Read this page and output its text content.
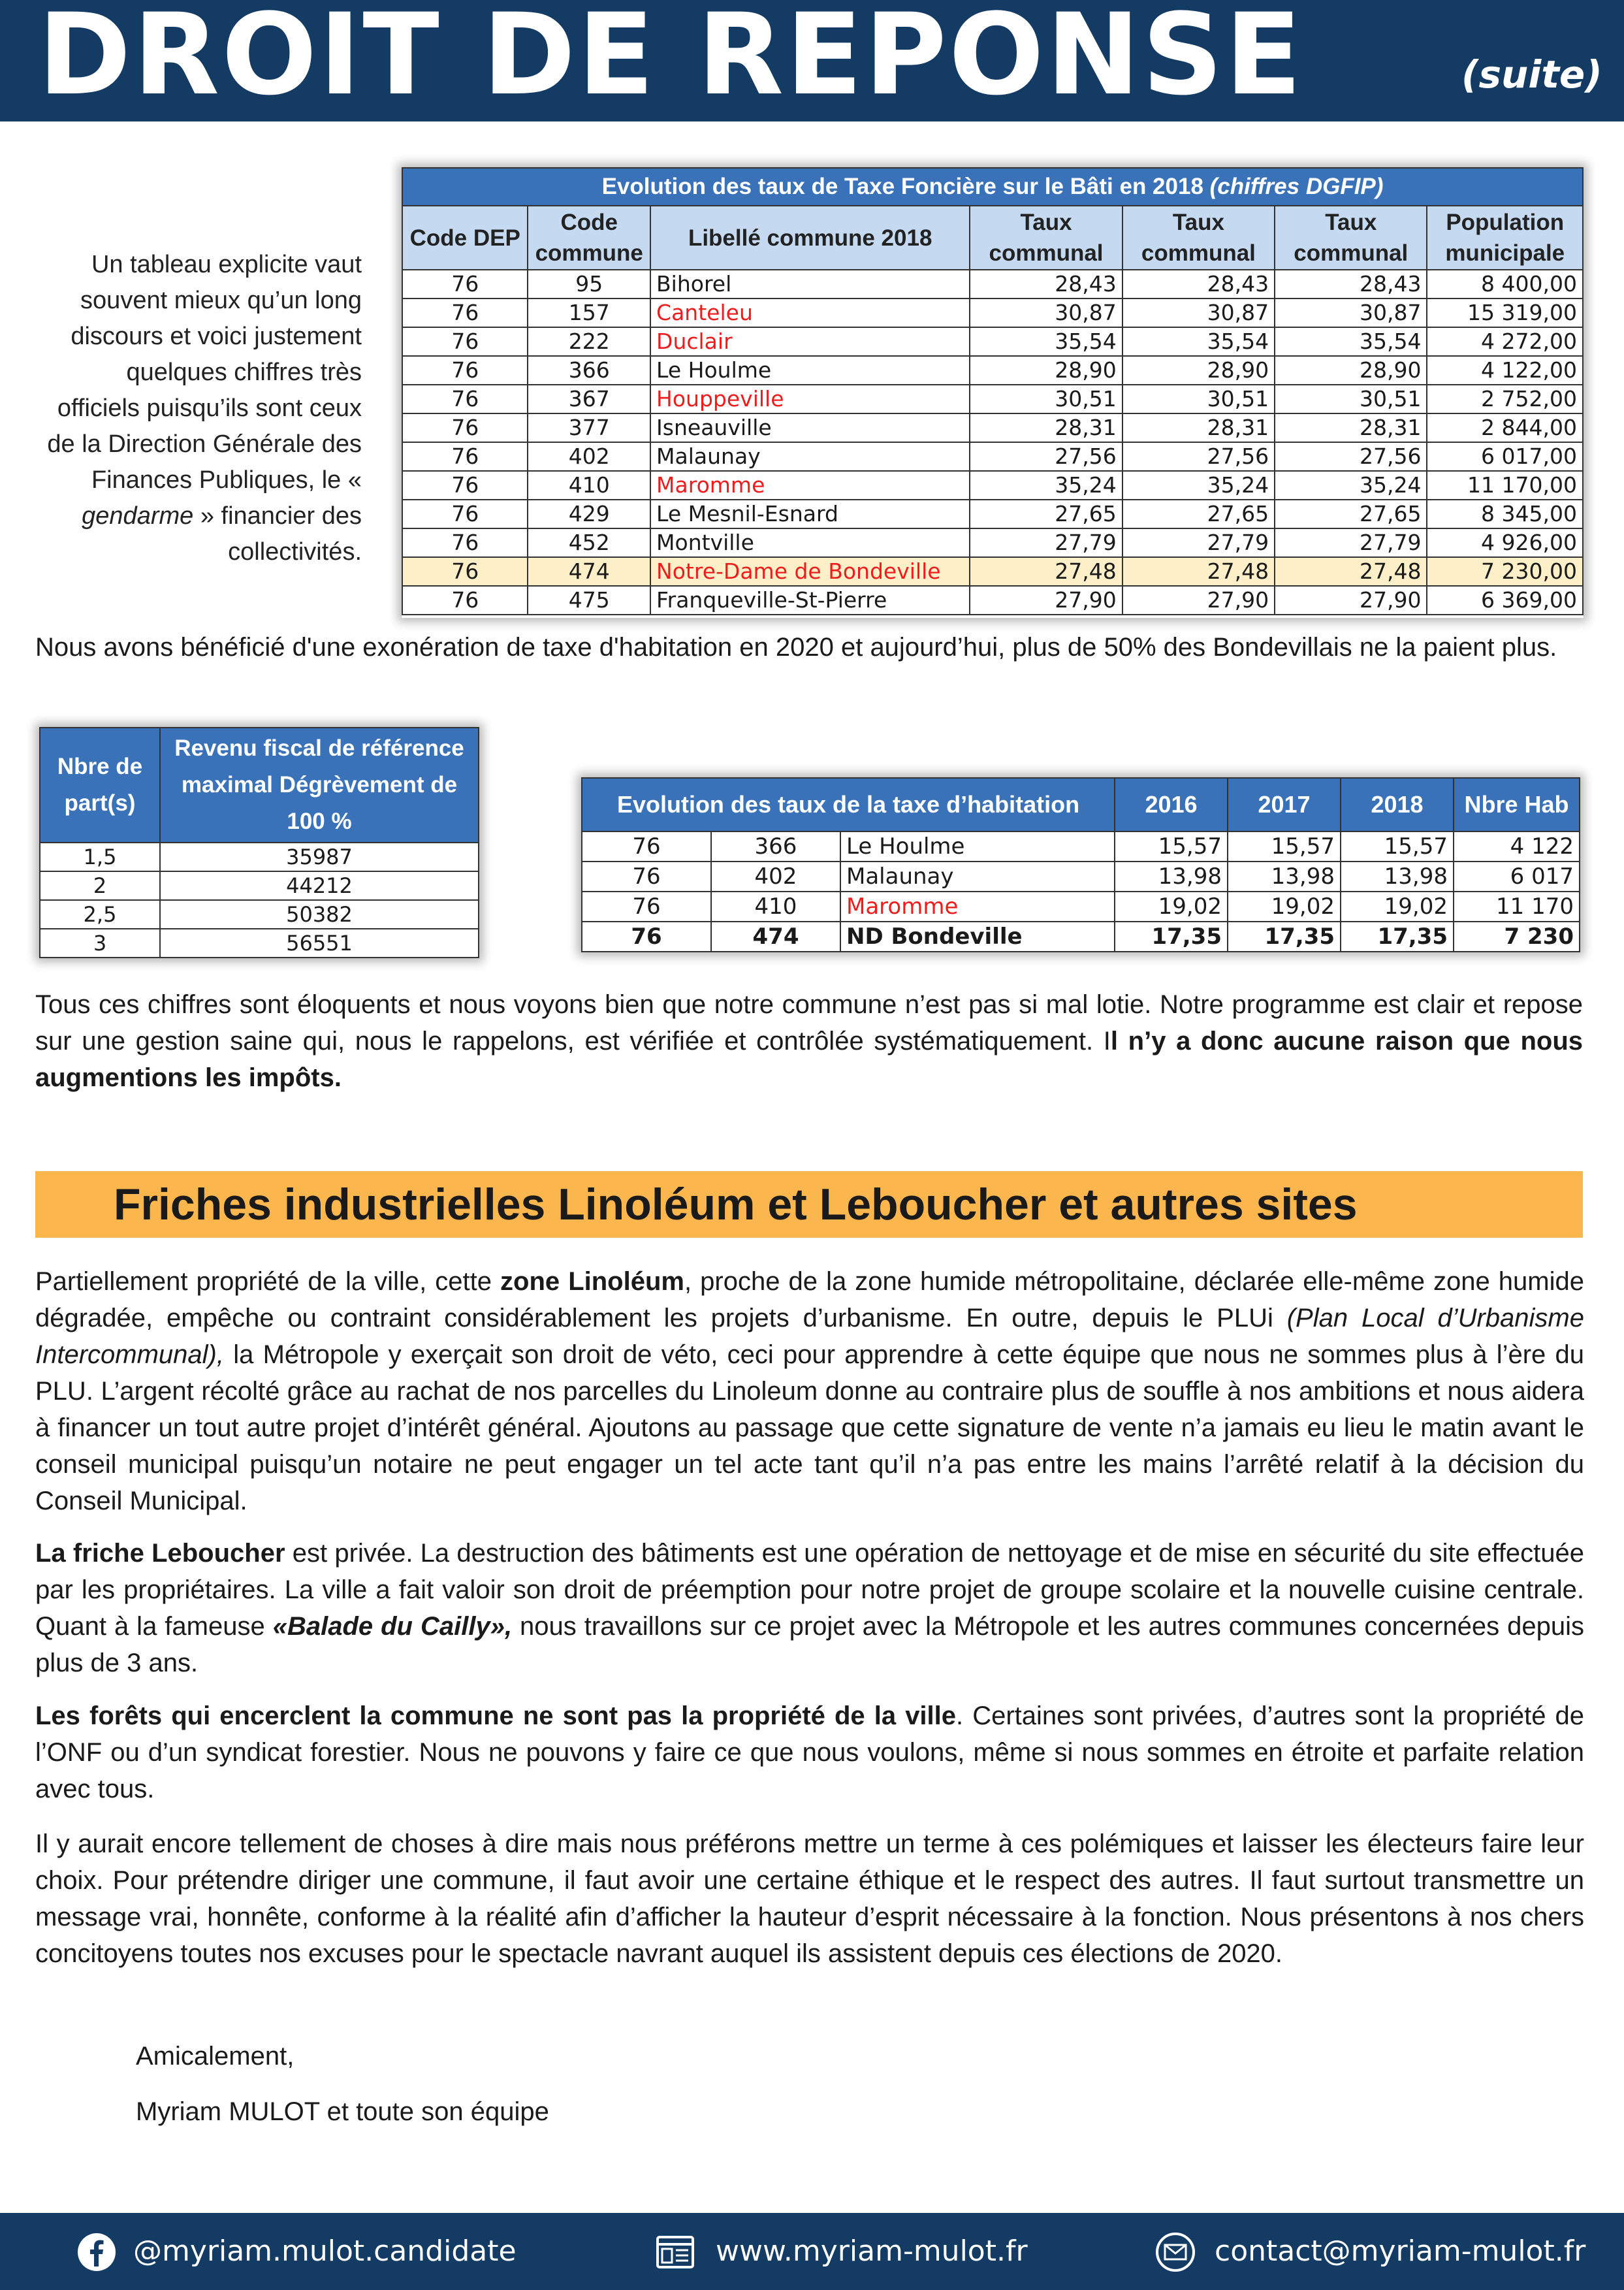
DROIT DE REPONSE	(suite)
Un tableau explicite vaut souvent mieux qu’un long discours et voici justement quelques chiffres très officiels puisqu’ils sont ceux de la Direction Générale des Finances Publiques, le « gendarme » financier des collectivités.
Evolution des taux de Taxe Foncière sur le Bâti en 2018 (chiffres DGFIP)						
Code DEP	Code commune	Libellé commune 2018	Taux communal	Taux communal	Taux communal	Population municipale
76	95	Bihorel	28,43	28,43	28,43	8 400,00
76	157	Canteleu	30,87	30,87	30,87	15 319,00
76	222	Duclair	35,54	35,54	35,54	4 272,00
76	366	Le Houlme	28,90	28,90	28,90	4 122,00
76	367	Houppeville	30,51	30,51	30,51	2 752,00
76	377	Isneauville	28,31	28,31	28,31	2 844,00
76	402	Malaunay	27,56	27,56	27,56	6 017,00
76	410	Maromme	35,24	35,24	35,24	11 170,00
76	429	Le Mesnil-Esnard	27,65	27,65	27,65	8 345,00
76	452	Montville	27,79	27,79	27,79	4 926,00
76	474	Notre-Dame de Bondeville	27,48	27,48	27,48	7 230,00
76	475	Franqueville-St-Pierre	27,90	27,90	27,90	6 369,00
Nous avons bénéficié d'une exonération de taxe d'habitation en 2020 et aujourd’hui, plus de 50% des Bondevillais ne la paient plus.
Nbre de part(s)	Revenu fiscal de référence maximal Dégrèvement de 100 %
1,5	35987
2	44212
2,5	50382
3	56551
Evolution des taux de la taxe d’habitation			2016	2017	2018	Nbre Hab
76	366	Le Houlme	15,57	15,57	15,57	4 122
76	402	Malaunay	13,98	13,98	13,98	6 017
76	410	Maromme	19,02	19,02	19,02	11 170
76	474	ND Bondeville	17,35	17,35	17,35	7 230
Tous ces chiffres sont éloquents et nous voyons bien que notre commune n’est pas si mal lotie. Notre programme est clair et repose sur une gestion saine qui, nous le rappelons, est vérifiée et contrôlée systématiquement. Il n’y a donc aucune raison que nous augmentions les impôts.
Friches industrielles Linoléum et Leboucher et autres sites

Partiellement propriété de la ville, cette zone Linoléum, proche de la zone humide métropolitaine, déclarée elle-même zone humide dégradée, empêche ou contraint considérablement les projets d’urbanisme. En outre, depuis le PLUi (Plan Local d’Urbanisme Intercommunal), la Métropole y exerçait son droit de véto, ceci pour apprendre à cette équipe que nous ne sommes plus à l’ère du PLU. L’argent récolté grâce au rachat de nos parcelles du Linoleum donne au contraire plus de souffle à nos ambitions et nous aidera à financer un tout autre projet d’intérêt général. Ajoutons au passage que cette signature de vente n’a jamais eu lieu le matin avant le conseil municipal puisqu’un notaire ne peut engager un tel acte tant qu’il n’a pas entre les mains l’arrêté relatif à la décision du Conseil Municipal.

La friche Leboucher est privée. La destruction des bâtiments est une opération de nettoyage et de mise en sécurité du site effectuée par les propriétaires. La ville a fait valoir son droit de préemption pour notre projet de groupe scolaire et la nouvelle cuisine centrale. Quant à la fameuse «Balade du Cailly», nous travaillons sur ce projet avec la Métropole et les autres communes concernées depuis plus de 3 ans.

Les forêts qui encerclent la commune ne sont pas la propriété de la ville. Certaines sont privées, d’autres sont la propriété de l’ONF ou d’un syndicat forestier. Nous ne pouvons y faire ce que nous voulons, même si nous sommes en étroite et parfaite relation avec tous.

Il y aurait encore tellement de choses à dire mais nous préférons mettre un terme à ces polémiques et laisser les électeurs faire leur choix. Pour prétendre diriger une commune, il faut avoir une certaine éthique et le respect des autres. Il faut surtout transmettre un message vrai, honnête, conforme à la réalité afin d’afficher la hauteur d’esprit nécessaire à la fonction. Nous présentons à nos chers concitoyens toutes nos excuses pour le spectacle navrant auquel ils assistent depuis ces élections de 2020.

Amicalement,

Myriam MULOT et toute son équipe

@myriam.mulot.candidate	www.myriam-mulot.fr	contact@myriam-mulot.fr
